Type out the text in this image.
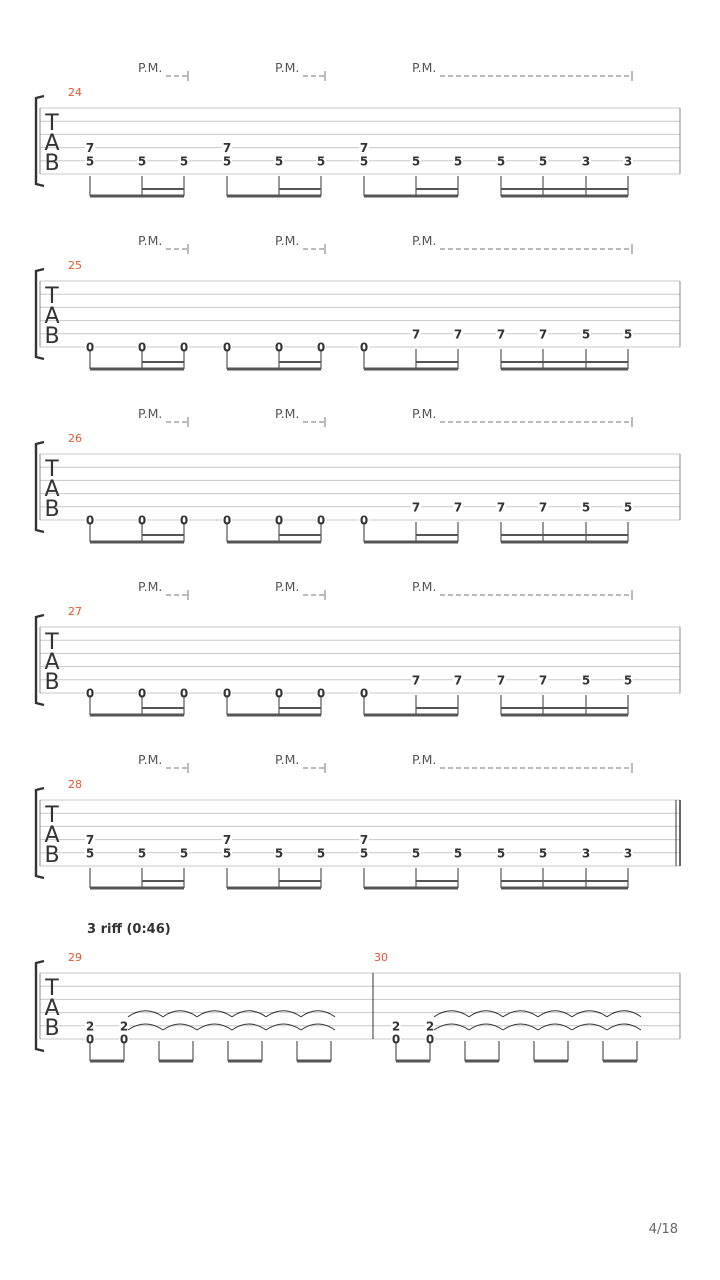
T
A
B
24
7
5	5	5
7
5	5	5
7
5	5	5	5	5	3	3
P.M.	P.M.	P.M.
T
A
B
25
0	0	0	0	0	0	0
7	7	7	7	5	5
P.M.	P.M.	P.M.
T
A
B
26
0	0	0	0	0	0	0
7	7	7	7	5	5
P.M.	P.M.	P.M.
T
A
B
27
0	0	0	0	0	0	0
7	7	7	7	5	5
P.M.	P.M.	P.M.
T
A
B
28
7
5	5	5
7
5	5	5
7
5	5	5	5	5	3	3
P.M.	P.M.	P.M.
T
A
B
29
2
0
2
0
30
2
0
2
0
3 riff (0:46)
4/18
